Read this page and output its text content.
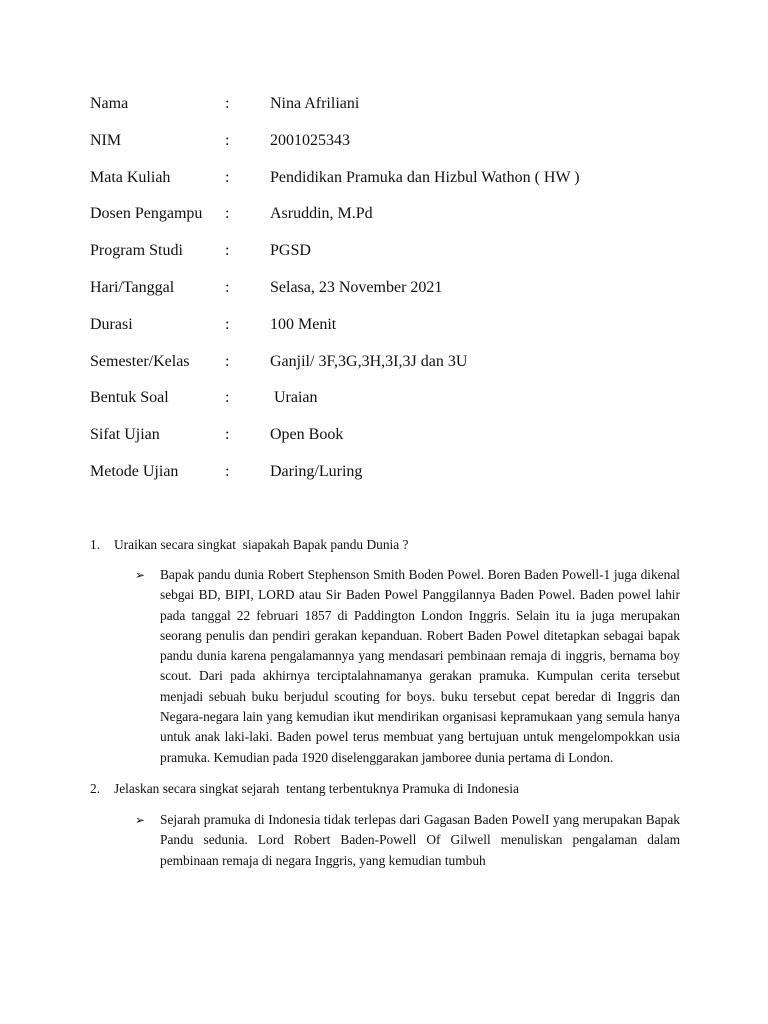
Nama	:	Nina Afriliani
NIM	:	2001025343
Mata Kuliah	:	Pendidikan Pramuka dan Hizbul Wathon ( HW )
Dosen Pengampu :	Asruddin, M.Pd
Program Studi	:	PGSD
Hari/Tanggal	:	Selasa, 23 November 2021
Durasi	:	100 Menit
Semester/Kelas :	Ganjil/ 3F,3G,3H,3I,3J dan 3U
Bentuk Soal	:	Uraian
Sifat Ujian	:	Open Book
Metode Ujian	:	Daring/Luring
1.	Uraikan secara singkat  siapakah Bapak pandu Dunia ?
➢ Bapak pandu dunia Robert Stephenson Smith Boden Powel. Boren Baden Powell-1 juga dikenal sebgai BD, BIPI, LORD atau Sir Baden Powel Panggilannya Baden Powel. Baden powel lahir pada tanggal 22 februari 1857 di Paddington London Inggris. Selain itu ia juga merupakan seorang penulis dan pendiri gerakan kepanduan. Robert Baden Powel ditetapkan sebagai bapak pandu dunia karena pengalamannya yang mendasari pembinaan remaja di inggris, bernama boy scout. Dari pada akhirnya terciptalahnamanya gerakan pramuka. Kumpulan cerita tersebut menjadi sebuah buku berjudul scouting for boys. buku tersebut cepat beredar di Inggris dan Negara-negara lain yang kemudian ikut mendirikan organisasi kepramukaan yang semula hanya untuk anak laki-laki. Baden powel terus membuat yang bertujuan untuk mengelompokkan usia pramuka. Kemudian pada 1920 diselenggarakan jamboree dunia pertama di London.
2.	Jelaskan secara singkat sejarah  tentang terbentuknya Pramuka di Indonesia
➢ Sejarah pramuka di Indonesia tidak terlepas dari Gagasan Baden PowelI yang merupakan Bapak Pandu sedunia. Lord Robert Baden-Powell Of Gilwell menuliskan pengalaman dalam pembinaan remaja di negara Inggris, yang kemudian tumbuh
